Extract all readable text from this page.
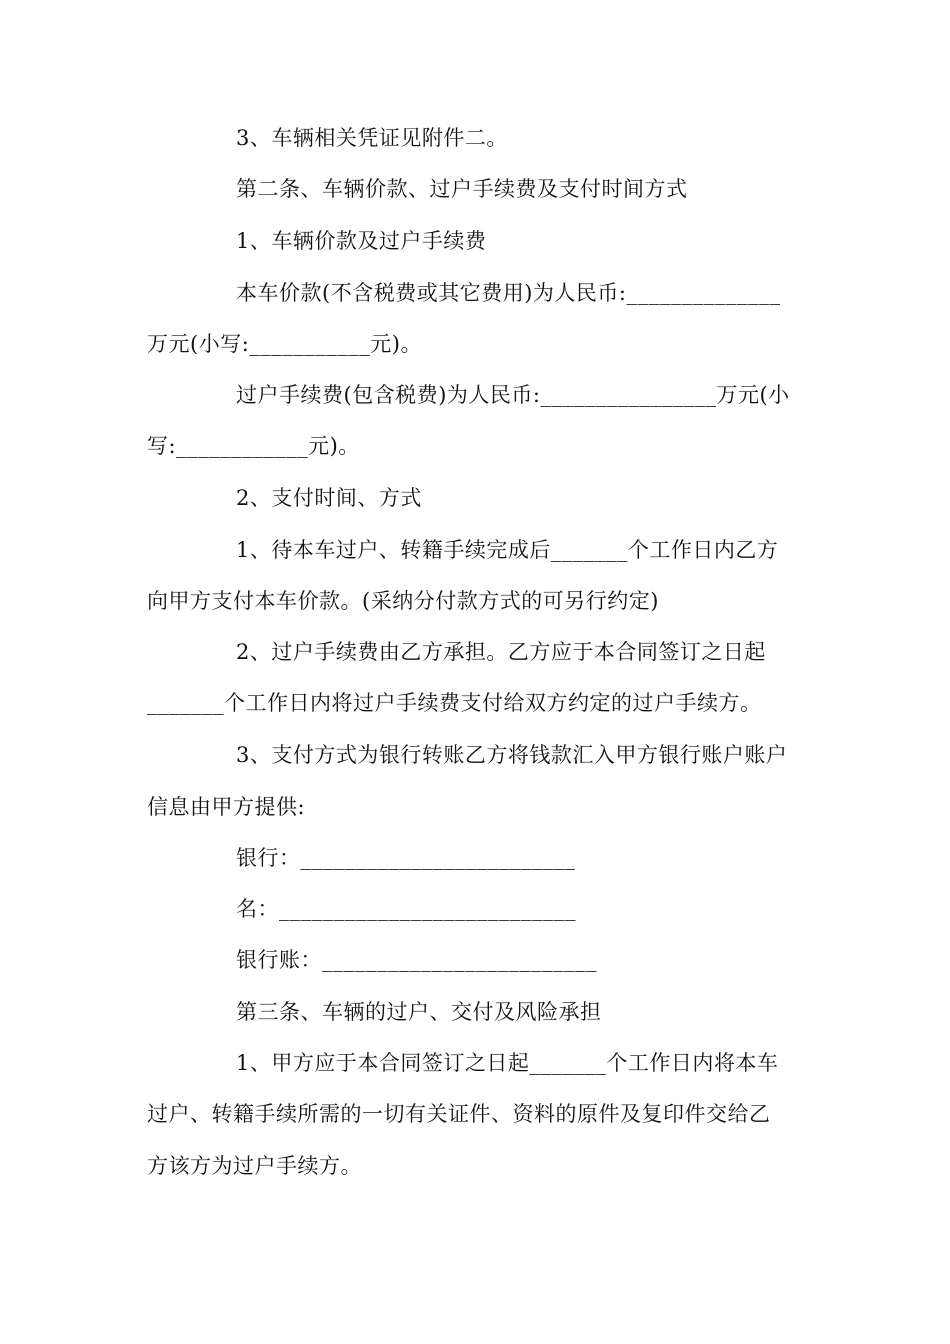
3、车辆相关凭证见附件二。
第二条、车辆价款、过户手续费及支付时间方式
1、车辆价款及过户手续费
本车价款(不含税费或其它费用)为人民币:______________
万元(小写:___________元)。
过户手续费(包含税费)为人民币:________________万元(小
写:____________元)。
2、支付时间、方式
1、待本车过户、转籍手续完成后_______个工作日内乙方
向甲方支付本车价款。(采纳分付款方式的可另行约定)
2、过户手续费由乙方承担。乙方应于本合同签订之日起
_______个工作日内将过户手续费支付给双方约定的过户手续方。
3、支付方式为银行转账乙方将钱款汇入甲方银行账户账户
信息由甲方提供:
银行：_________________________
名：___________________________
银行账：_________________________
第三条、车辆的过户、交付及风险承担
1、甲方应于本合同签订之日起_______个工作日内将本车
过户、转籍手续所需的一切有关证件、资料的原件及复印件交给乙
方该方为过户手续方。
